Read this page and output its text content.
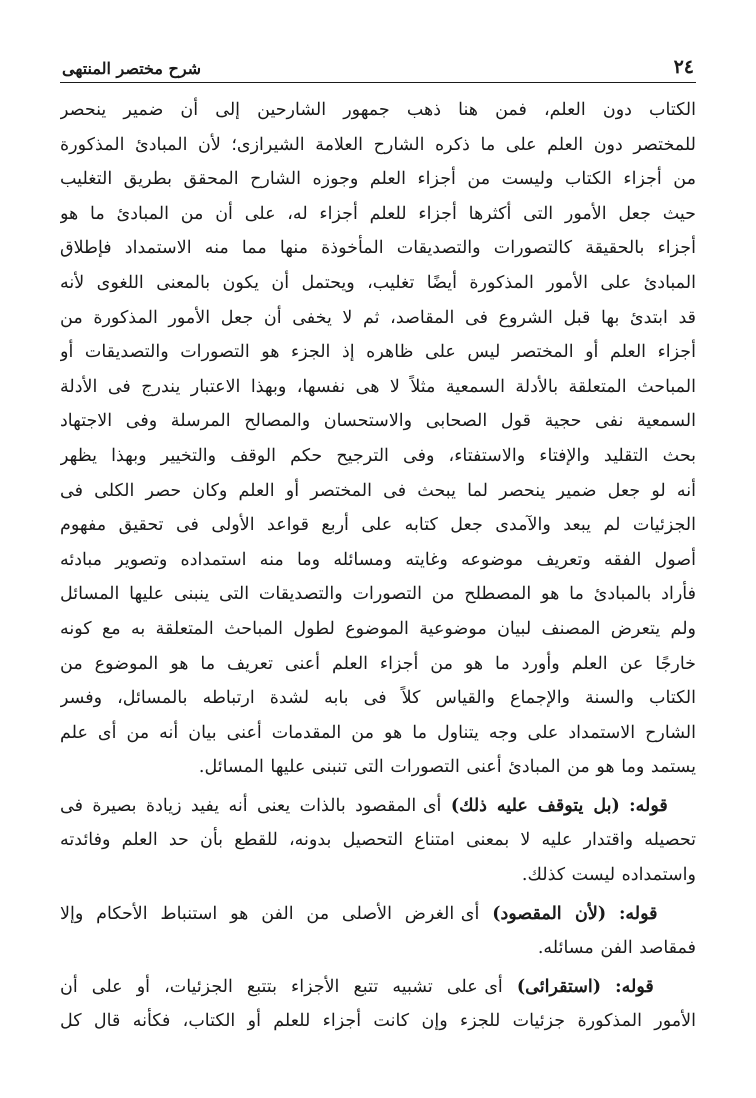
٢٤
شرح مختصر المنتهى
الكتاب دون العلم، فمن هنا ذهب جمهور الشارحين إلى أن ضمير ينحصر
للمختصر دون العلم على ما ذكره الشارح العلامة الشيرازى؛ لأن المبادئ المذكورة
من أجزاء الكتاب وليست من أجزاء العلم وجوزه الشارح المحقق بطريق التغليب
حيث جعل الأمور التى أكثرها أجزاء للعلم أجزاء له، على أن من المبادئ ما هو
أجزاء بالحقيقة كالتصورات والتصديقات المأخوذة منها مما منه الاستمداد فإطلاق
المبادئ على الأمور المذكورة أيضًا تغليب، ويحتمل أن يكون بالمعنى اللغوى لأنه
قد ابتدئ بها قبل الشروع فى المقاصد، ثم لا يخفى أن جعل الأمور المذكورة من
أجزاء العلم أو المختصر ليس على ظاهره إذ الجزء هو التصورات والتصديقات أو
المباحث المتعلقة بالأدلة السمعية مثلاً لا هى نفسها، وبهذا الاعتبار يندرج فى الأدلة
السمعية نفى حجية قول الصحابى والاستحسان والمصالح المرسلة وفى الاجتهاد
بحث التقليد والإفتاء والاستفتاء، وفى الترجيح حكم الوقف والتخيير وبهذا يظهر
أنه لو جعل ضمير ينحصر لما يبحث فى المختصر أو العلم وكان حصر الكلى فى
الجزئيات لم يبعد والآمدى جعل كتابه على أربع قواعد الأولى فى تحقيق مفهوم
أصول الفقه وتعريف موضوعه وغايته ومسائله وما منه استمداده وتصوير مبادئه
فأراد بالمبادئ ما هو المصطلح من التصورات والتصديقات التى ينبنى عليها المسائل
ولم يتعرض المصنف لبيان موضوعية الموضوع لطول المباحث المتعلقة به مع كونه
خارجًا عن العلم وأورد ما هو من أجزاء العلم أعنى تعريف ما هو الموضوع من
الكتاب والسنة والإجماع والقياس كلاً فى بابه لشدة ارتباطه بالمسائل، وفسر
الشارح الاستمداد على وجه يتناول ما هو من المقدمات أعنى بيان أنه من أى علم
يستمد وما هو من المبادئ أعنى التصورات التى تنبنى عليها المسائل.
قوله: (بل يتوقف عليه ذلك) أى المقصود بالذات يعنى أنه يفيد زيادة بصيرة فى
تحصيله واقتدار عليه لا بمعنى امتناع التحصيل بدونه، للقطع بأن حد العلم وفائدته
واستمداده ليست كذلك.
قوله: (لأن المقصود) أى الغرض الأصلى من الفن هو استنباط الأحكام وإلا
فمقاصد الفن مسائله.
قوله: (استقرائى) أى على تشبيه تتبع الأجزاء بتتبع الجزئيات، أو على أن
الأمور المذكورة جزئيات للجزء وإن كانت أجزاء للعلم أو الكتاب، فكأنه قال كل
